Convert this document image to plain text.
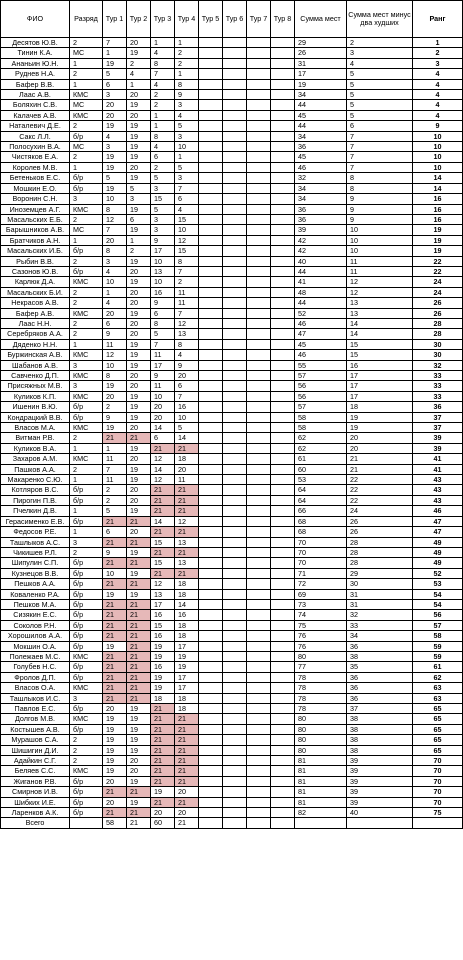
ФИО	Разряд	Тур 1	Тур 2	Тур 3	Тур 4	Тур 5	Тур 6	Тур 7	Тур 8	Сумма мест	Сумма мест минус два худших	Ранг
Десятов Ю.В.	2	7	20	1	1					29	2	1
Тинин К.А.	МС	1	19	4	2					26	3	2
Ананьин Ю.Н.	1	19	2	8	2					31	4	3
Руднев Н.А.	2	5	4	7	1					17	5	4
Бафер В.В.	1	6	1	4	8					19	5	4
Лаас А.В.	КМС	3	20	2	9					34	5	4
Боляхин С.В.	МС	20	19	2	3					44	5	4
Калачев А.В.	КМС	20	20	1	4					45	5	4
Наталевич Д.Е.	2	19	19	1	5					44	6	9
Сакс Л.Л.	б/р	4	19	8	3					34	7	10
Полосухин В.А.	МС	3	19	4	10					36	7	10
Чистяков Е.А.	2	19	19	6	1					45	7	10
Королев М.В.	1	19	20	2	5					46	7	10
Бетеньков Е.С.	б/р	5	19	5	3					32	8	14
Мошкин Е.О.	б/р	19	5	3	7					34	8	14
Воронин С.Н.	3	10	3	15	6					34	9	16
Иноземцев А.Г.	КМС	8	19	5	4					36	9	16
Масальских Е.Б.	2	12	6	3	15					36	9	16
Барышников А.В.	МС	7	19	3	10					39	10	19
Братчиков А.Н.	1	20	1	9	12					42	10	19
Масальских И.Б.	б/р	8	2	17	15					42	10	19
Рыбин В.В.	2	3	19	10	8					40	11	22
Сазонов Ю.В.	б/р	4	20	13	7					44	11	22
Карлюк Д.А.	КМС	10	19	10	2					41	12	24
Масальских Б.И.	2	1	20	16	11					48	12	24
Некрасов А.В.	2	4	20	9	11					44	13	26
Бафер А.В.	КМС	20	19	6	7					52	13	26
Лаас Н.Н.	2	6	20	8	12					46	14	28
Серебряков А.А.	2	9	20	5	13					47	14	28
Дяденко Н.Н.	1	11	19	7	8					45	15	30
Буржинская А.В.	КМС	12	19	11	4					46	15	30
Шабанов А.В.	3	10	19	17	9					55	16	32
Савченко Д.П.	КМС	8	20	9	20					57	17	33
Присяжных М.В.	3	19	20	11	6					56	17	33
Куликов К.П.	КМС	20	19	10	7					56	17	33
Ишенин В.Ю.	б/р	2	19	20	16					57	18	36
Кондрацкий В.В.	б/р	9	19	20	10					58	19	37
Власов М.А.	КМС	19	20	14	5					58	19	37
Витман Р.В.	2	21	21	6	14					62	20	39
Куликов В.А.	1	1	19	21	21					62	20	39
Захаров А.М.	КМС	11	20	12	18					61	21	41
Пашков А.А.	2	7	19	14	20					60	21	41
Макаренко С.Ю.	1	11	19	12	11					53	22	43
Котляров В.С.	б/р	2	20	21	21					64	22	43
Пирогин П.В.	б/р	2	20	21	21					64	22	43
Пчелкин Д.В.	1	5	19	21	21					66	24	46
Герасименко Е.В.	б/р	21	21	14	12					68	26	47
Федосов Р.Е.	1	6	20	21	21					68	26	47
Ташлыков А.С.	3	21	21	15	13					70	28	49
Чикишев Р.Л.	2	9	19	21	21					70	28	49
Шипулин С.П.	б/р	21	21	15	13					70	28	49
Кузнецов В.В.	б/р	10	19	21	21					71	29	52
Пешков А.А.	б/р	21	21	12	18					72	30	53
Коваленко Р.А.	б/р	19	19	13	18					69	31	54
Пешков М.А.	б/р	21	21	17	14					73	31	54
Сизякин Е.С.	б/р	21	21	16	16					74	32	56
Соколов Р.Н.	б/р	21	21	15	18					75	33	57
Хорошилов А.А.	б/р	21	21	16	18					76	34	58
Мокшин О.А.	б/р	19	21	19	17					76	36	59
Полежаев М.С.	КМС	21	21	19	19					80	38	59
Голубев Н.С.	б/р	21	21	16	19					77	35	61
Фролов Д.П.	б/р	21	21	19	17					78	36	62
Власов О.А.	КМС	21	21	19	17					78	36	63
Ташлыков И.С.	3	21	21	18	18					78	36	63
Павлов Е.С.	б/р	20	19	21	18					78	37	65
Долгов М.В.	КМС	19	19	21	21					80	38	65
Костышев А.В.	б/р	19	19	21	21					80	38	65
Мурашов С.А.	2	19	19	21	21					80	38	65
Шишигин Д.И.	2	19	19	21	21					80	38	65
Адайкин С.Г.	2	19	20	21	21					81	39	70
Беляев С.С.	КМС	19	20	21	21					81	39	70
Жиганов Р.В.	б/р	20	19	21	21					81	39	70
Смирнов И.В.	б/р	21	21	19	20					81	39	70
Шибких И.Е.	б/р	20	19	21	21					81	39	70
Ларенков А.К.	б/р	21	21	20	20					82	40	75
Всего		58	21	60	21							
